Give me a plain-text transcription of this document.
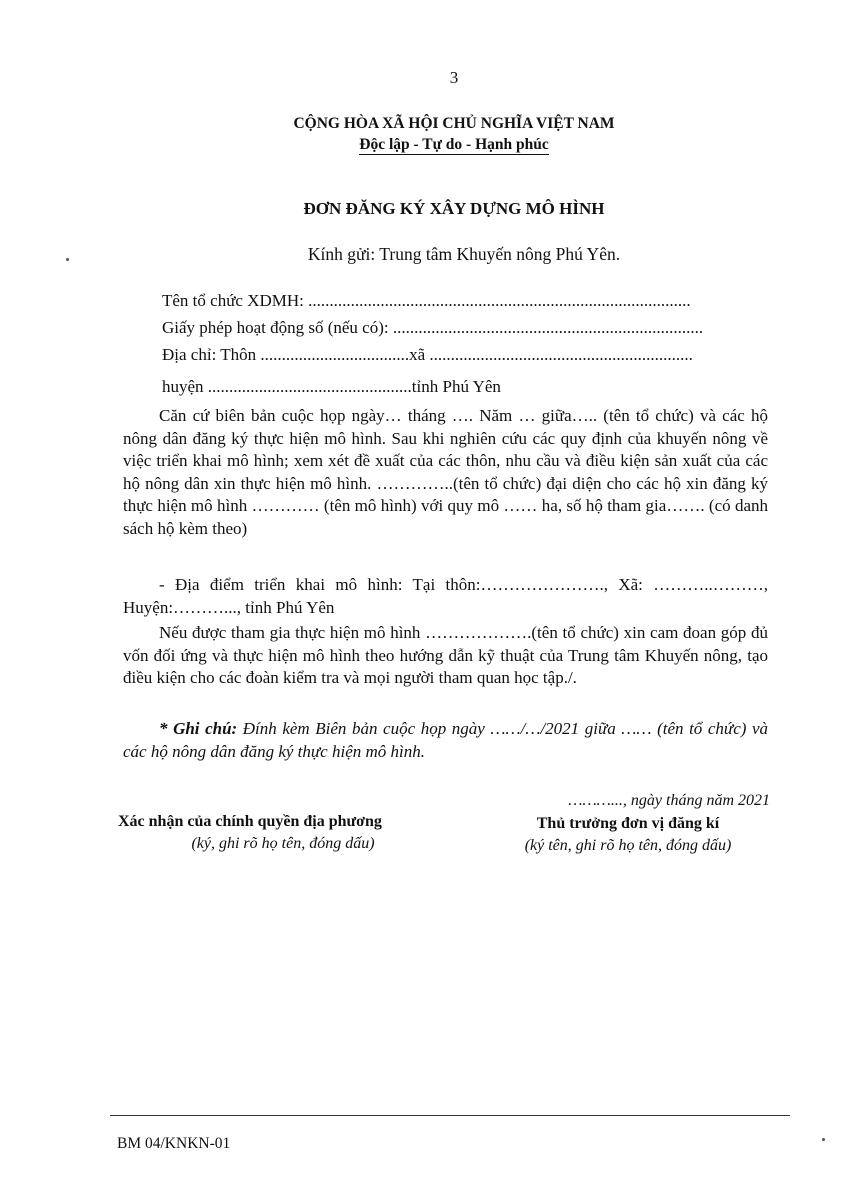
3
CỘNG HÒA XÃ HỘI CHỦ NGHĨA VIỆT NAM
Độc lập - Tự do - Hạnh phúc
ĐƠN ĐĂNG KÝ XÂY DỰNG MÔ HÌNH
Kính gửi: Trung tâm Khuyến nông Phú Yên.
Tên tổ chức XDMH: ..........................................................................................
Giấy phép hoạt động số (nếu có): .........................................................................
Địa chỉ: Thôn ...................................xã ..............................................................
huyện ................................................tỉnh Phú Yên
Căn cứ biên bản cuộc họp ngày… tháng …. Năm … giữa….. (tên tổ chức) và các hộ nông dân đăng ký thực hiện mô hình. Sau khi nghiên cứu các quy định của khuyến nông về việc triển khai mô hình; xem xét đề xuất của các thôn, nhu cầu và điều kiện sản xuất của các hộ nông dân xin thực hiện mô hình. …………..(tên tổ chức) đại diện cho các hộ xin đăng ký thực hiện mô hình ………… (tên mô hình) với quy mô …… ha, số hộ tham gia……. (có danh sách hộ kèm theo)
- Địa điểm triển khai mô hình: Tại thôn:…………………., Xã: ………..………, Huyện:………..., tỉnh Phú Yên
Nếu được tham gia thực hiện mô hình ……………….(tên tổ chức) xin cam đoan góp đủ vốn đối ứng và thực hiện mô hình theo hướng dẫn kỹ thuật của Trung tâm Khuyến nông, tạo điều kiện cho các đoàn kiểm tra và mọi người tham quan học tập./.
* Ghi chú: Đính kèm Biên bản cuộc họp ngày ……/…/2021 giữa …… (tên tổ chức) và các hộ nông dân đăng ký thực hiện mô hình.
………..., ngày tháng năm 2021
Xác nhận của chính quyền địa phương
(ký, ghi rõ họ tên, đóng dấu)
Thủ trưởng đơn vị đăng kí
(ký tên, ghi rõ họ tên, đóng dấu)
BM 04/KNKN-01
